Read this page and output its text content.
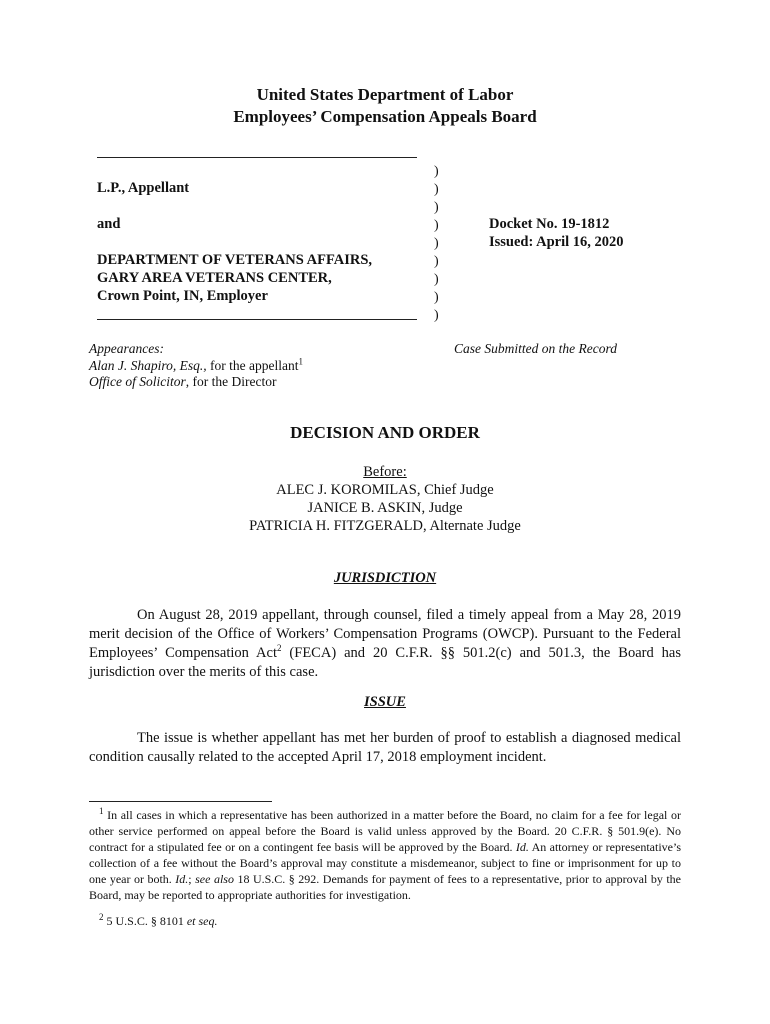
United States Department of Labor
Employees’ Compensation Appeals Board
)
)
)
)
)
)
)
)
)
L.P., Appellant
and
DEPARTMENT OF VETERANS AFFAIRS,
GARY AREA VETERANS CENTER,
Crown Point, IN, Employer
Docket No. 19-1812
Issued: April 16, 2020
Appearances:
Alan J. Shapiro, Esq., for the appellant$^1$
Office of Solicitor, for the Director
Case Submitted on the Record
DECISION AND ORDER
Before:
ALEC J. KOROMILAS, Chief Judge
JANICE B. ASKIN, Judge
PATRICIA H. FITZGERALD, Alternate Judge
JURISDICTION
On August 28, 2019 appellant, through counsel, filed a timely appeal from a May 28, 2019 merit decision of the Office of Workers’ Compensation Programs (OWCP). Pursuant to the Federal Employees’ Compensation Act$^2$ (FECA) and 20 C.F.R. §§ 501.2(c) and 501.3, the Board has jurisdiction over the merits of this case.
ISSUE
The issue is whether appellant has met her burden of proof to establish a diagnosed medical condition causally related to the accepted April 17, 2018 employment incident.
$^1$ In all cases in which a representative has been authorized in a matter before the Board, no claim for a fee for legal or other service performed on appeal before the Board is valid unless approved by the Board. 20 C.F.R. § 501.9(e). No contract for a stipulated fee or on a contingent fee basis will be approved by the Board. Id. An attorney or representative’s collection of a fee without the Board’s approval may constitute a misdemeanor, subject to fine or imprisonment for up to one year or both. Id.; see also 18 U.S.C. § 292. Demands for payment of fees to a representative, prior to approval by the Board, may be reported to appropriate authorities for investigation.
$^2$ 5 U.S.C. § 8101 et seq.
